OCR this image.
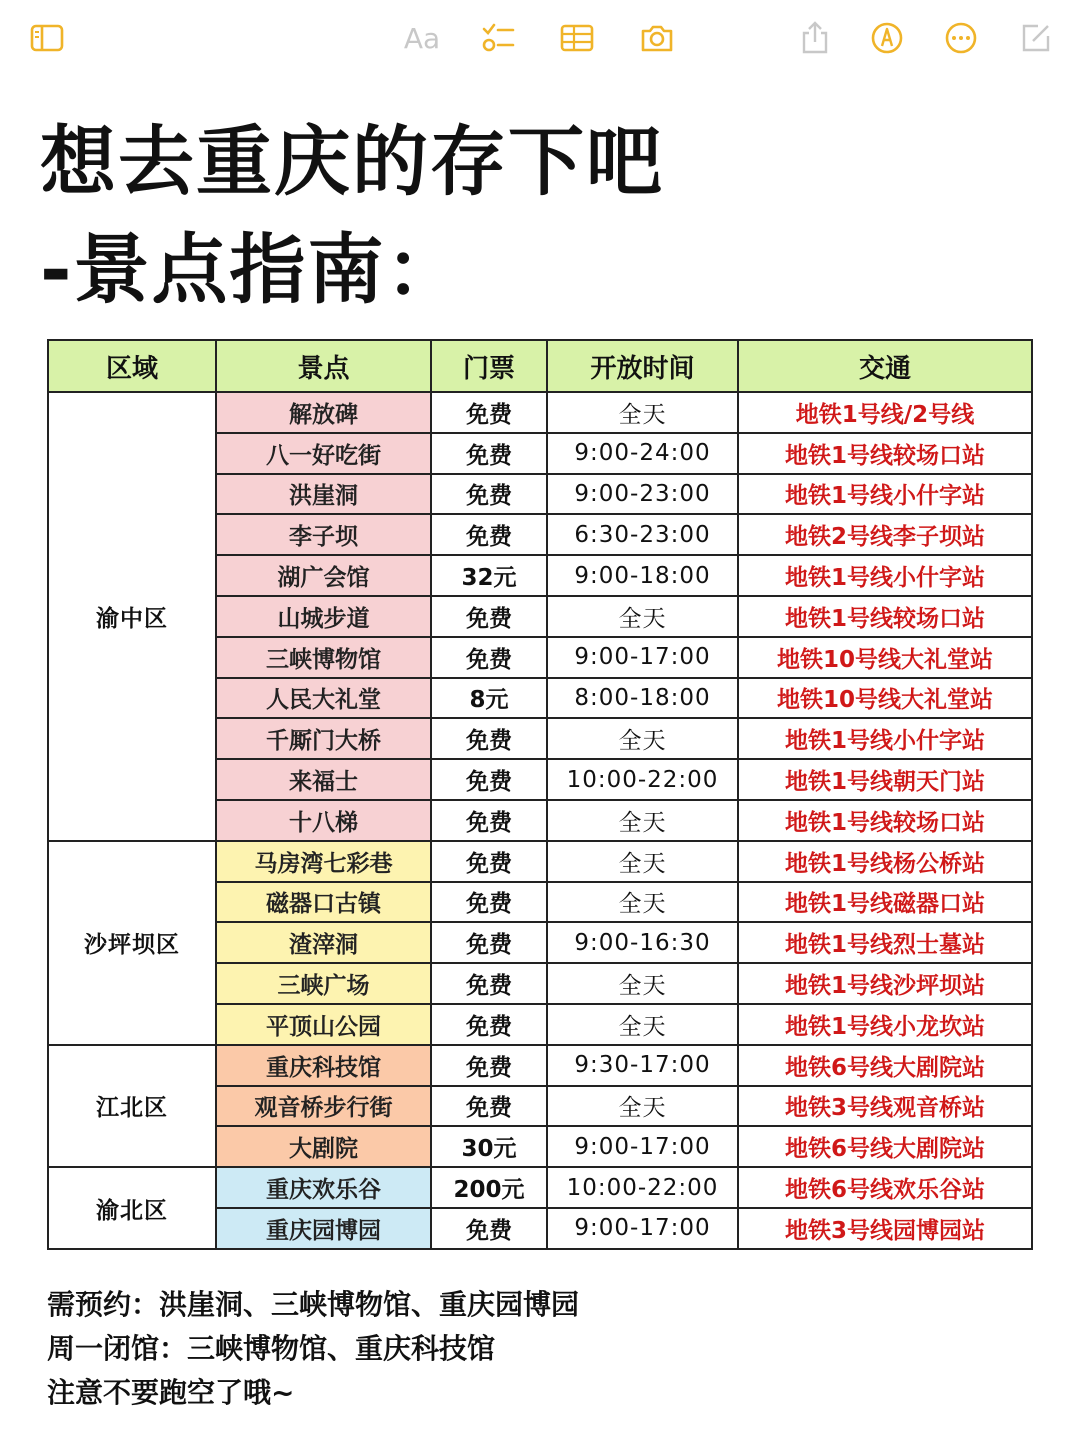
Aa
想去重庆的存下吧
-景点指南：
区域	景点	门票	开放时间	交通
渝中区	解放碑	免费	全天	地铁1号线/2号线
	八一好吃街	免费	9:00-24:00	地铁1号线较场口站
	洪崖洞	免费	9:00-23:00	地铁1号线小什字站
	李子坝	免费	6:30-23:00	地铁2号线李子坝站
	湖广会馆	32元	9:00-18:00	地铁1号线小什字站
	山城步道	免费	全天	地铁1号线较场口站
	三峡博物馆	免费	9:00-17:00	地铁10号线大礼堂站
	人民大礼堂	8元	8:00-18:00	地铁10号线大礼堂站
	千厮门大桥	免费	全天	地铁1号线小什字站
	来福士	免费	10:00-22:00	地铁1号线朝天门站
	十八梯	免费	全天	地铁1号线较场口站
沙坪坝区	马房湾七彩巷	免费	全天	地铁1号线杨公桥站
	磁器口古镇	免费	全天	地铁1号线磁器口站
	渣滓洞	免费	9:00-16:30	地铁1号线烈士墓站
	三峡广场	免费	全天	地铁1号线沙坪坝站
	平顶山公园	免费	全天	地铁1号线小龙坎站
江北区	重庆科技馆	免费	9:30-17:00	地铁6号线大剧院站
	观音桥步行街	免费	全天	地铁3号线观音桥站
	大剧院	30元	9:00-17:00	地铁6号线大剧院站
渝北区	重庆欢乐谷	200元	10:00-22:00	地铁6号线欢乐谷站
	重庆园博园	免费	9:00-17:00	地铁3号线园博园站
需预约：洪崖洞、三峡博物馆、重庆园博园
周一闭馆：三峡博物馆、重庆科技馆
注意不要跑空了哦~
